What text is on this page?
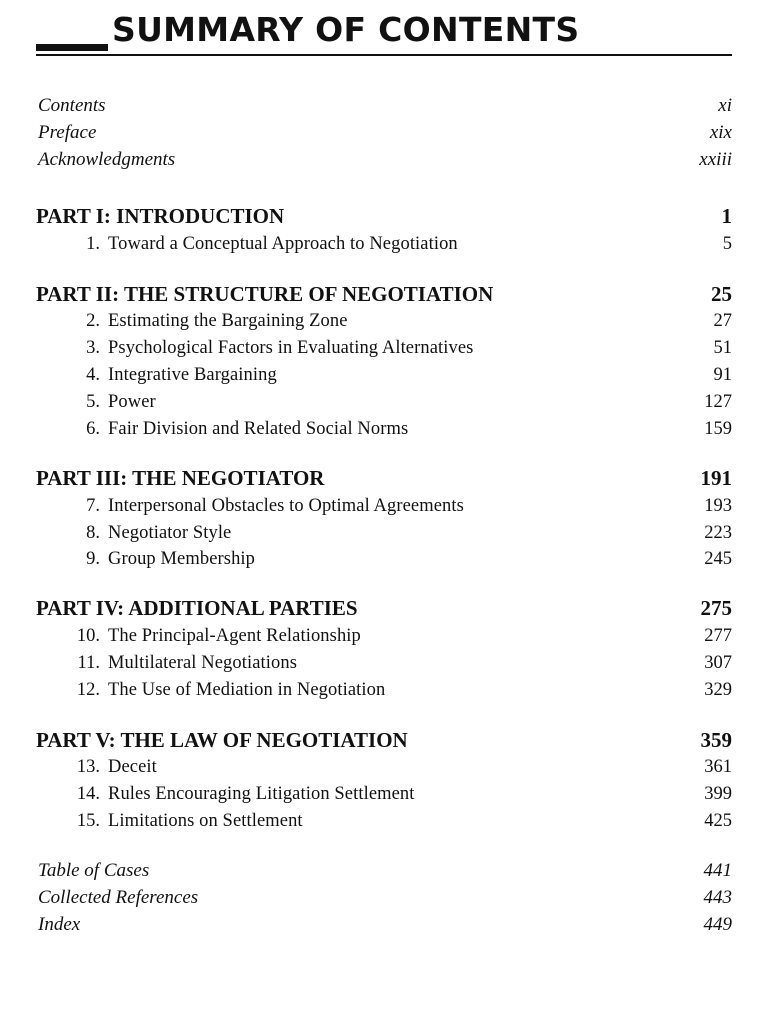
SUMMARY OF CONTENTS
Contents	xi
Preface	xix
Acknowledgments	xxiii
PART I: INTRODUCTION	1
1. Toward a Conceptual Approach to Negotiation	5
PART II: THE STRUCTURE OF NEGOTIATION	25
2. Estimating the Bargaining Zone	27
3. Psychological Factors in Evaluating Alternatives	51
4. Integrative Bargaining	91
5. Power	127
6. Fair Division and Related Social Norms	159
PART III: THE NEGOTIATOR	191
7. Interpersonal Obstacles to Optimal Agreements	193
8. Negotiator Style	223
9. Group Membership	245
PART IV: ADDITIONAL PARTIES	275
10. The Principal-Agent Relationship	277
11. Multilateral Negotiations	307
12. The Use of Mediation in Negotiation	329
PART V: THE LAW OF NEGOTIATION	359
13. Deceit	361
14. Rules Encouraging Litigation Settlement	399
15. Limitations on Settlement	425
Table of Cases	441
Collected References	443
Index	449
